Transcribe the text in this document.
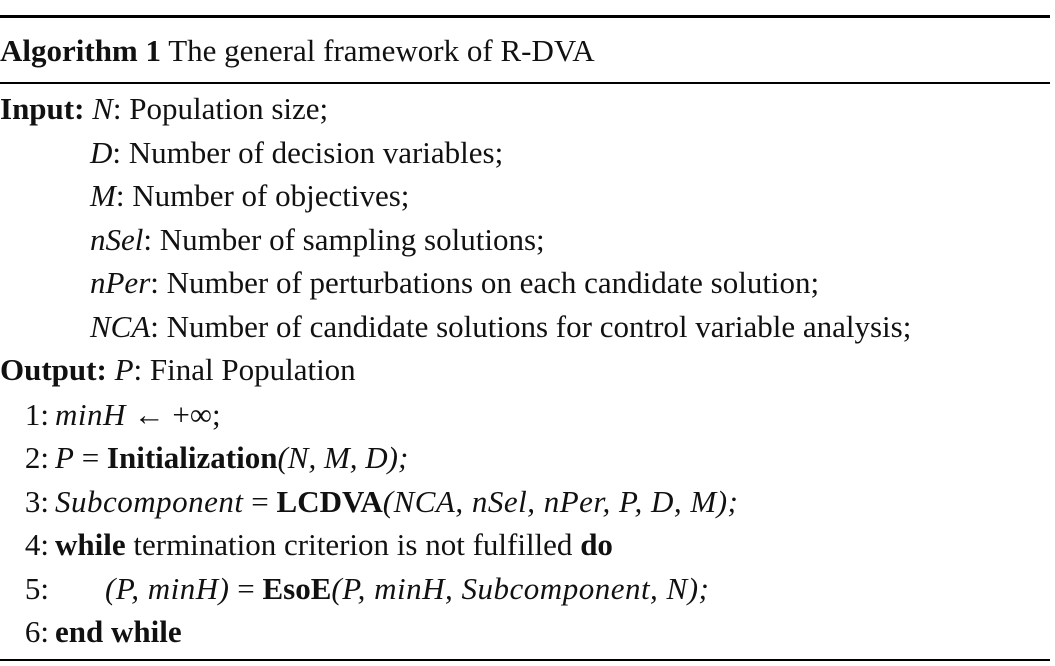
Algorithm 1 The general framework of R-DVA
Input: N: Population size;
D: Number of decision variables;
M: Number of objectives;
nSel: Number of sampling solutions;
nPer: Number of perturbations on each candidate solution;
NCA: Number of candidate solutions for control variable analysis;
Output: P: Final Population
1: minH ← +∞;
2: P = Initialization(N, M, D);
3: Subcomponent = LCDVA(NCA, nSel, nPer, P, D, M);
4: while termination criterion is not fulfilled do
5: (P, minH) = EsoE(P, minH, Subcomponent, N);
6: end while
